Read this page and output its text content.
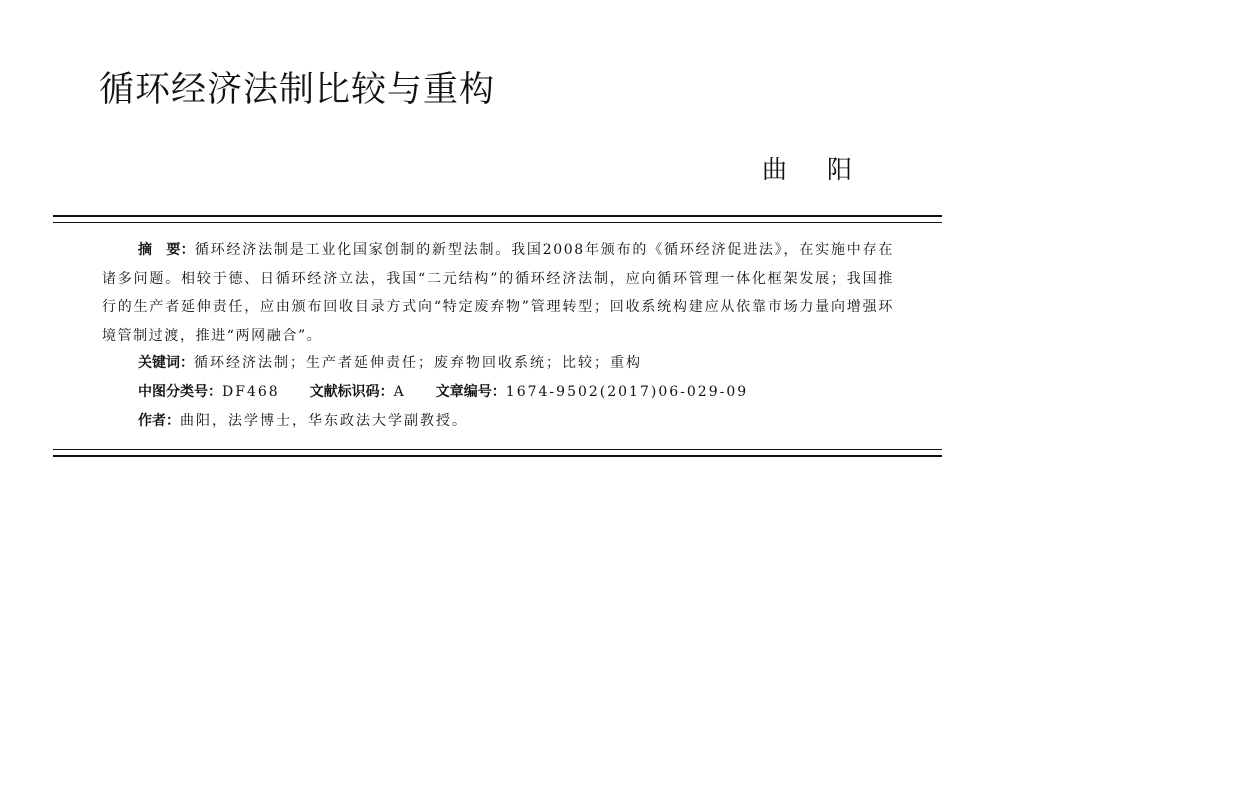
循环经济法制比较与重构
曲 阳
摘 要：循环经济法制是工业化国家创制的新型法制。我国2008年颁布的《循环经济促进法》，在实施中存在诸多问题。相较于德、日循环经济立法，我国“二元结构”的循环经济法制，应向循环管理一体化框架发展；我国推行的生产者延伸责任，应由颁布回收目录方式向“特定废弃物”管理转型；回收系统构建应从依靠市场力量向增强环境管制过渡，推进“两网融合”。
关键词：循环经济法制；生产者延伸责任；废弃物回收系统；比较；重构
中图分类号：DF468 文献标识码：A 文章编号：1674-9502(2017)06-029-09
作者：曲阳，法学博士，华东政法大学副教授。
